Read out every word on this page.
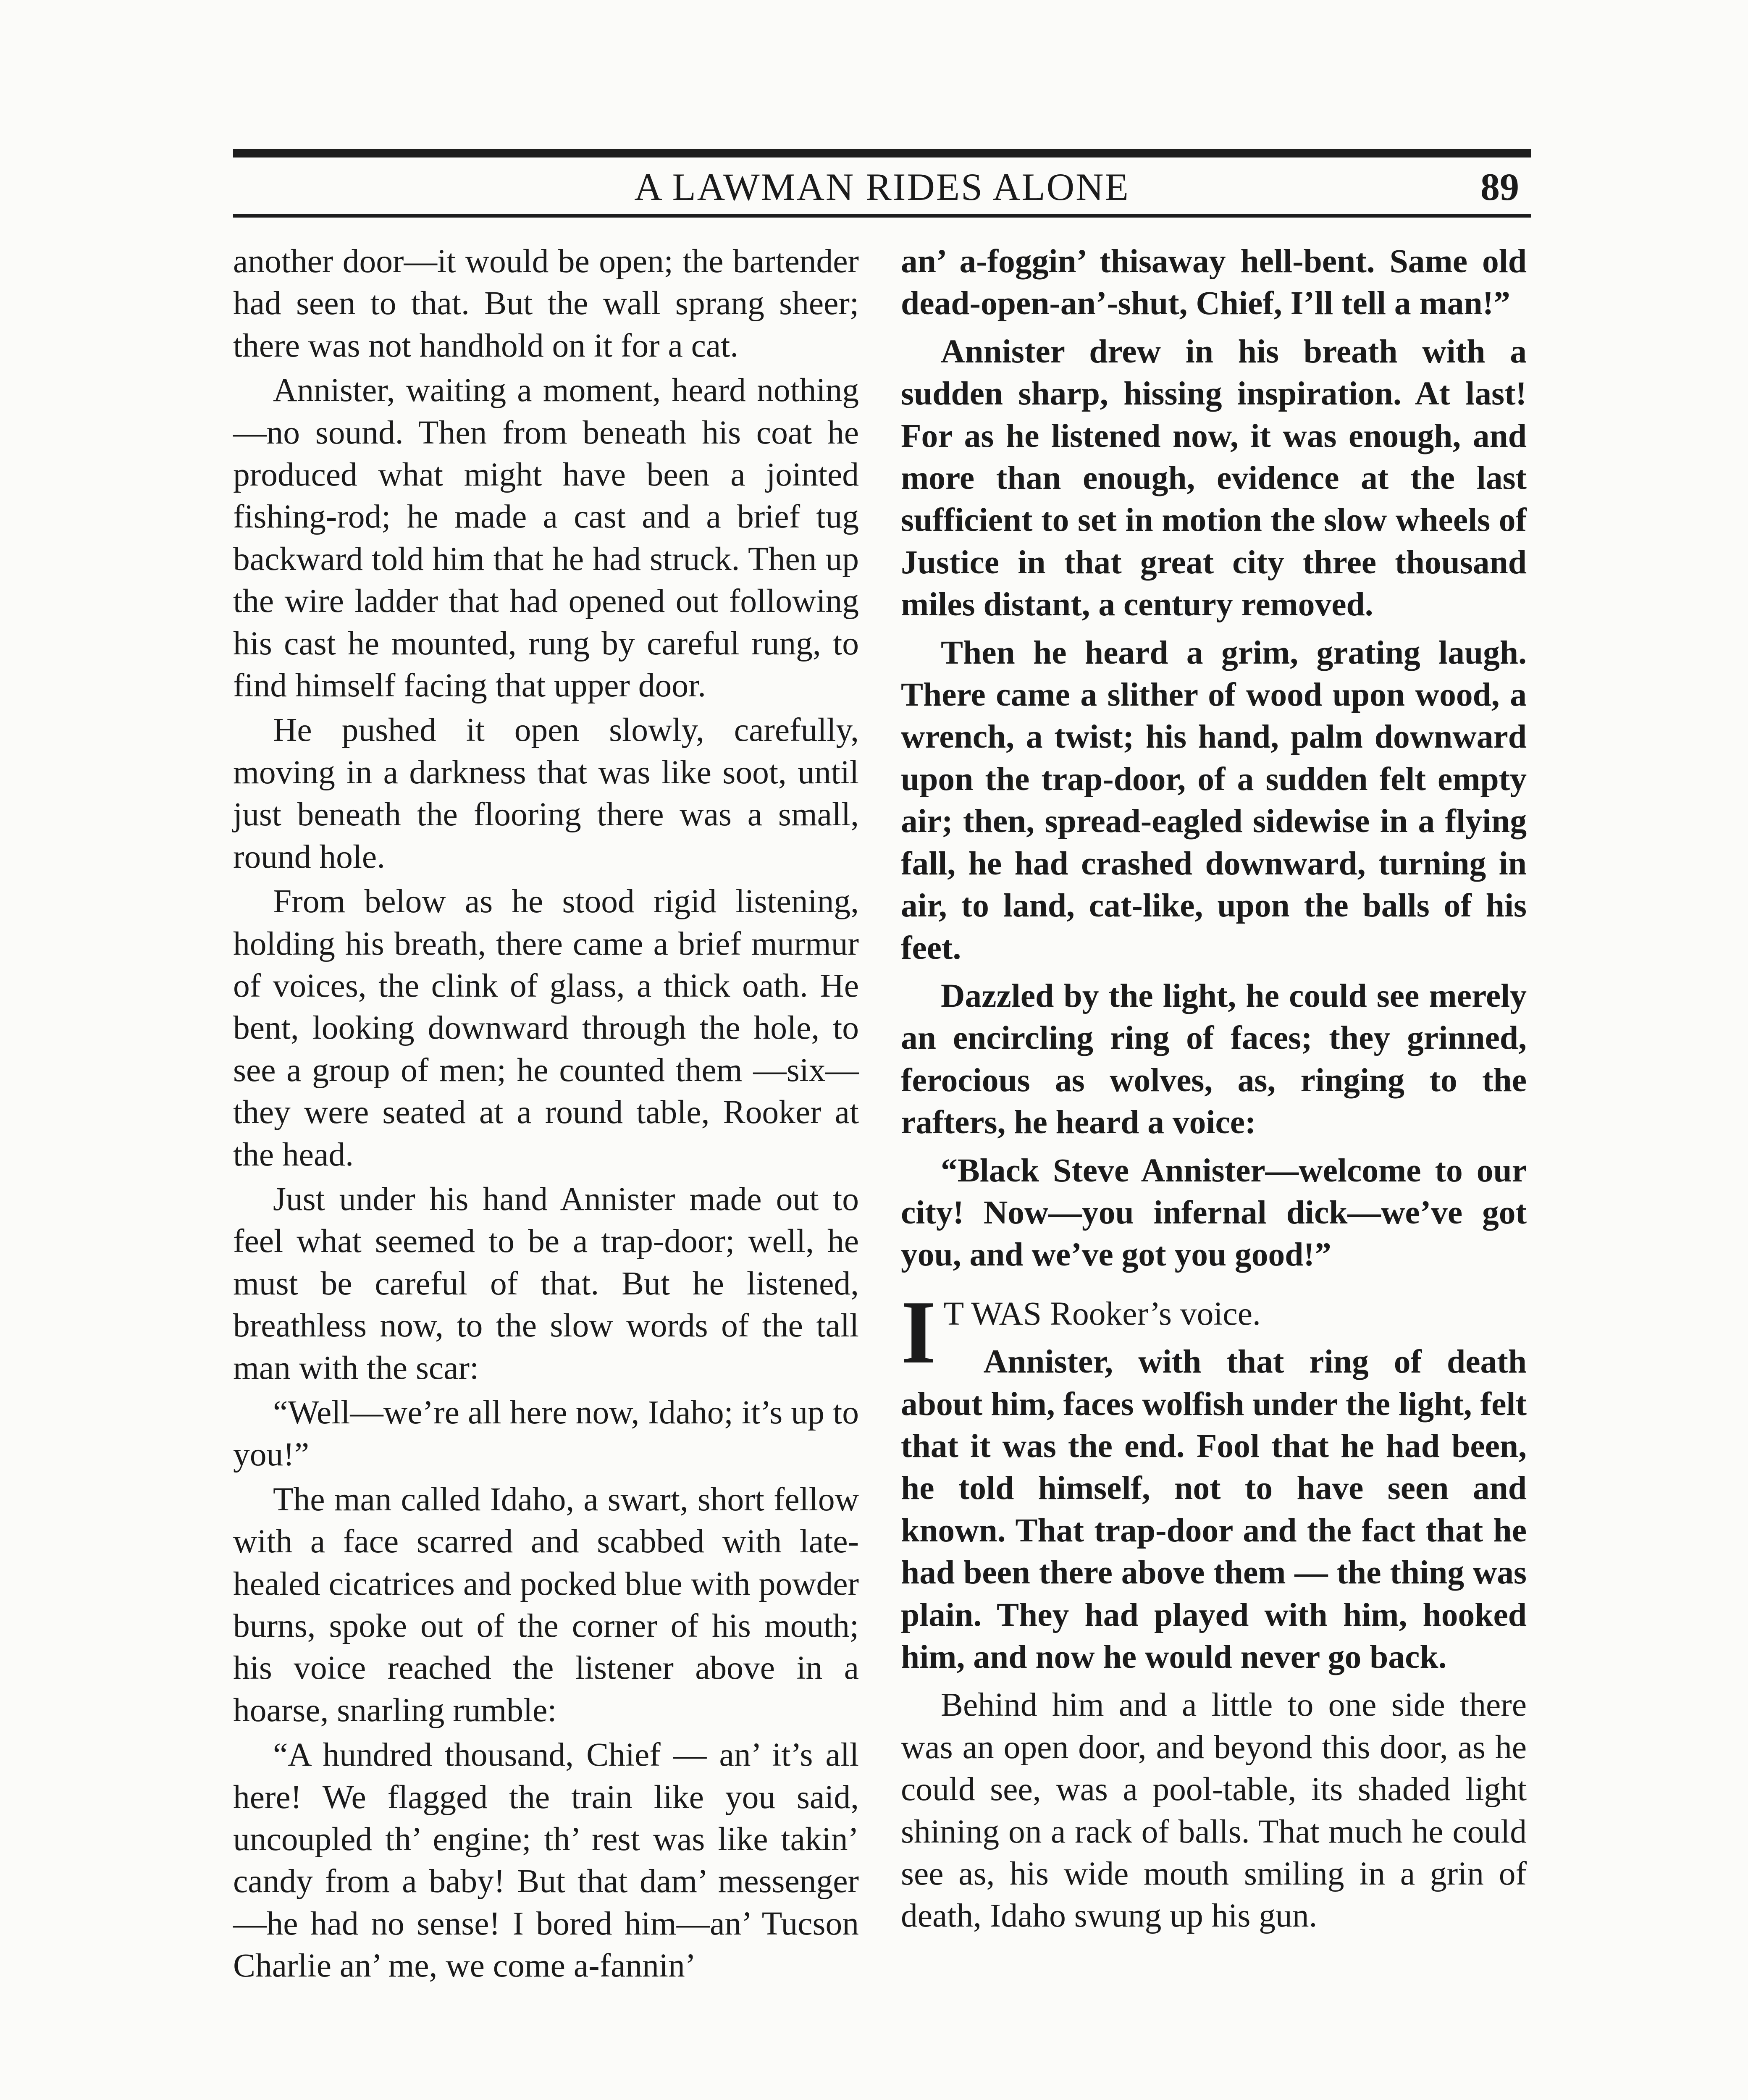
A LAWMAN RIDES ALONE	89

another door—it would be open; the bartender had seen to that. But the wall sprang sheer; there was not handhold on it for a cat.

Annister, waiting a moment, heard nothing—no sound. Then from beneath his coat he produced what might have been a jointed fishing-rod; he made a cast and a brief tug backward told him that he had struck. Then up the wire ladder that had opened out following his cast he mounted, rung by careful rung, to find himself facing that upper door.

He pushed it open slowly, carefully, moving in a darkness that was like soot, until just beneath the flooring there was a small, round hole.

From below as he stood rigid listening, holding his breath, there came a brief murmur of voices, the clink of glass, a thick oath. He bent, looking downward through the hole, to see a group of men; he counted them —six—they were seated at a round table, Rooker at the head.

Just under his hand Annister made out to feel what seemed to be a trap-door; well, he must be careful of that. But he listened, breathless now, to the slow words of the tall man with the scar:

“Well—we’re all here now, Idaho; it’s up to you!”

The man called Idaho, a swart, short fellow with a face scarred and scabbed with late-healed cicatrices and pocked blue with powder burns, spoke out of the corner of his mouth; his voice reached the listener above in a hoarse, snarling rumble:

“A hundred thousand, Chief — an’ it’s all here! We flagged the train like you said, uncoupled th’ engine; th’ rest was like takin’ candy from a baby! But that dam’ messenger—he had no sense! I bored him—an’ Tucson Charlie an’ me, we come a-fannin’

an’ a-foggin’ thisaway hell-bent. Same old dead-open-an’-shut, Chief, I’ll tell a man!”

Annister drew in his breath with a sudden sharp, hissing inspiration. At last! For as he listened now, it was enough, and more than enough, evidence at the last sufficient to set in motion the slow wheels of Justice in that great city three thousand miles distant, a century removed.

Then he heard a grim, grating laugh. There came a slither of wood upon wood, a wrench, a twist; his hand, palm downward upon the trap-door, of a sudden felt empty air; then, spread-eagled sidewise in a flying fall, he had crashed downward, turning in air, to land, cat-like, upon the balls of his feet.

Dazzled by the light, he could see merely an encircling ring of faces; they grinned, ferocious as wolves, as, ringing to the rafters, he heard a voice:

“Black Steve Annister—welcome to our city! Now—you infernal dick—we’ve got you, and we’ve got you good!”

I T WAS Rooker’s voice.

Annister, with that ring of death about him, faces wolfish under the light, felt that it was the end. Fool that he had been, he told himself, not to have seen and known. That trap-door and the fact that he had been there above them — the thing was plain. They had played with him, hooked him, and now he would never go back.

Behind him and a little to one side there was an open door, and beyond this door, as he could see, was a pool-table, its shaded light shining on a rack of balls. That much he could see as, his wide mouth smiling in a grin of death, Idaho swung up his gun.
